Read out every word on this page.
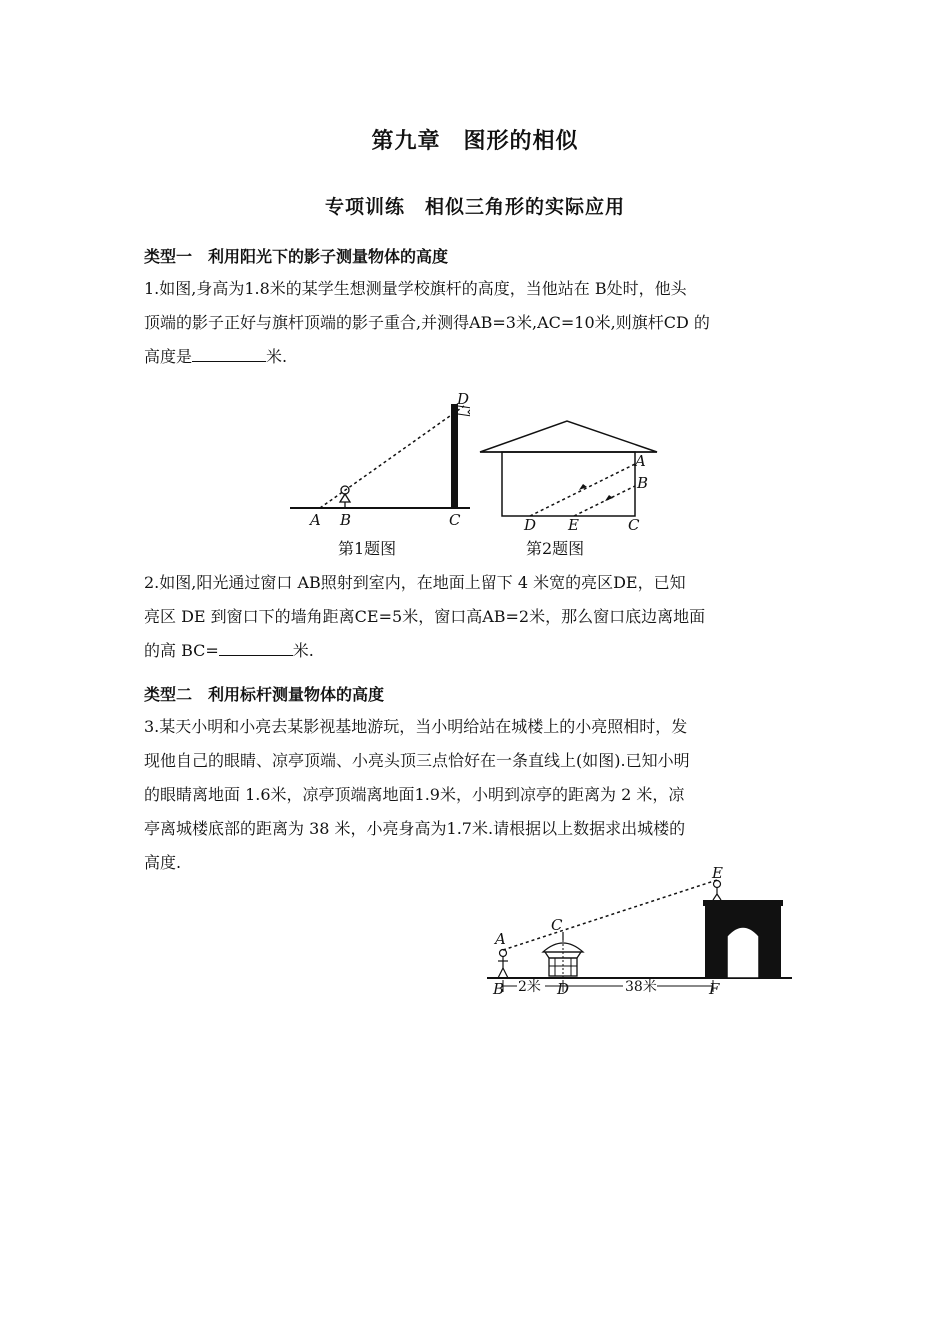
第九章　图形的相似
专项训练　相似三角形的实际应用
类型一　利用阳光下的影子测量物体的高度
1.如图,身高为1.8米的某学生想测量学校旗杆的高度，当他站在 B处时，他头
顶端的影子正好与旗杆顶端的影子重合,并测得AB=3米,AC=10米,则旗杆CD 的
高度是	米.
A B	C
D
第1题图
A
B
C
D E
第2题图
2.如图,阳光通过窗口 AB照射到室内，在地面上留下 4 米宽的亮区DE，已知
亮区 DE 到窗口下的墙角距离CE=5米，窗口高AB=2米，那么窗口底边离地面
的高 BC=	米.
类型二　利用标杆测量物体的高度
3.某天小明和小亮去某影视基地游玩，当小明给站在城楼上的小亮照相时，发
现他自己的眼睛、凉亭顶端、小亮头顶三点恰好在一条直线上(如图).已知小明
的眼睛离地面 1.6米，凉亭顶端离地面1.9米，小明到凉亭的距离为 2 米，凉
亭离城楼底部的距离为 38 米，小亮身高为1.7米.请根据以上数据求出城楼的
高度.
2米	38米
A
B
C
D
E
F
